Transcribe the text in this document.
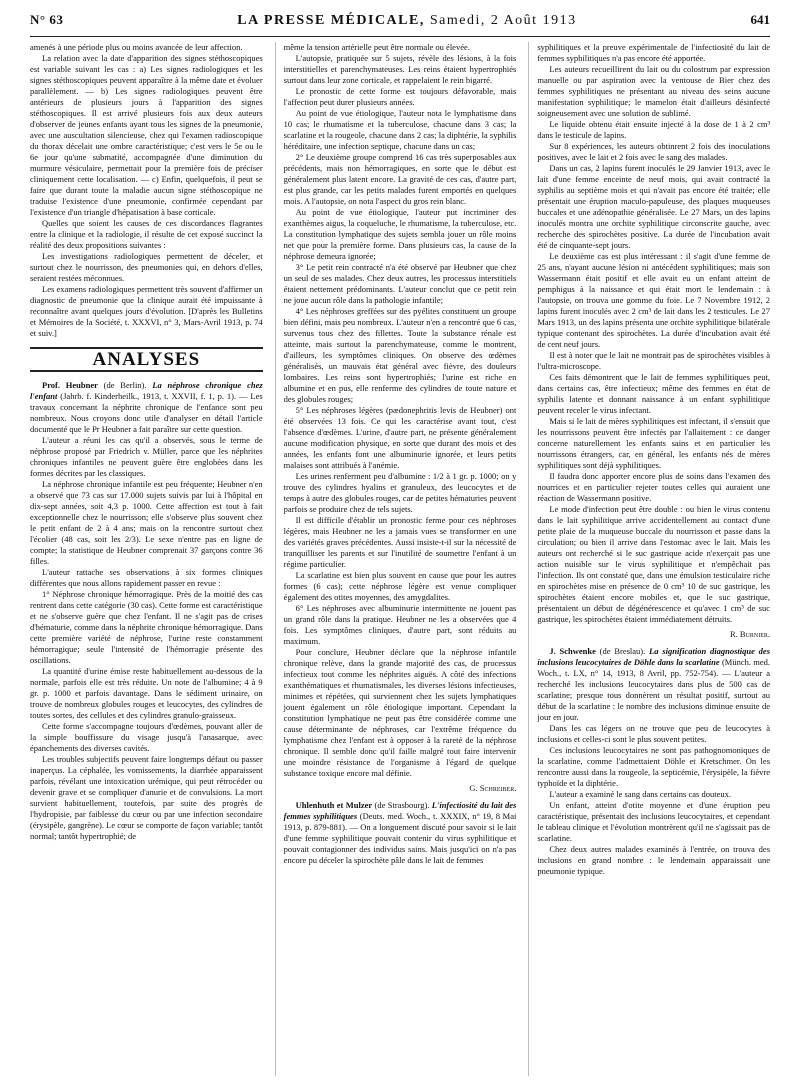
N° 63	LA PRESSE MÉDICALE, Samedi, 2 Août 1913	641

amenés à une période plus ou moins avancée de leur affection.

La relation avec la date d'apparition des signes stéthoscopiques est variable suivant les cas : a) Les signes radiologiques et les signes stéthoscopiques peuvent apparaître à la même date et évoluer parallèlement. — b) Les signes radiologiques peuvent être antérieurs de plusieurs jours à l'apparition des signes stéthoscopiques. Il est arrivé plusieurs fois aux deux auteurs d'observer de jeunes enfants ayant tous les signes de la pneumonie, avec une auscultation silencieuse, chez qui l'examen radioscopique du thorax décelait une ombre caractéristique; c'est vers le 5e ou le 6e jour qu'une submatité, accompagnée d'une diminution du murmure vésiculaire, permettait pour la première fois de préciser cliniquement cette localisation. — c) Enfin, quelquefois, il peut se faire que durant toute la maladie aucun signe stéthoscopique ne traduise l'existence d'une pneumonie, confirmée cependant par l'existence d'un triangle d'hépatisation à base corticale.

Quelles que soient les causes de ces discordances flagrantes entre la clinique et la radiologie, il résulte de cet exposé succinct la réalité des deux propositions suivantes :

Les investigations radiologiques permettent de déceler, et surtout chez le nourrisson, des pneumonies qui, en dehors d'elles, seraient restées méconnues.

Les examens radiologiques permettent très souvent d'affirmer un diagnostic de pneumonie que la clinique aurait été impuissante à reconnaître avant quelques jours d'évolution. [D'après les Bulletins et Mémoires de la Société, t. XXXVI, n° 3, Mars-Avril 1913, p. 74 et suiv.]

ANALYSES

Prof. Heubner (de Berlin). La néphrose chronique chez l'enfant (Jahrb. f. Kinderheilk., 1913, t. XXVII, f. 1, p. 1). — Les travaux concernant la néphrite chronique de l'enfance sont peu nombreux. Nous croyons donc utile d'analyser en détail l'article documenté que le Pr Heubner a fait paraître sur cette question.

L'auteur a réuni les cas qu'il a observés, sous le terme de néphrose proposé par Friedrich v. Müller, parce que les néphrites chroniques infantiles ne peuvent guère être englobées dans les formes décrites par les classiques.

La néphrose chronique infantile est peu fréquente; Heubner n'en a observé que 73 cas sur 17.000 sujets suivis par lui à l'hôpital en dix-sept années, soit 4,3 p. 1000. Cette affection est tout à fait exceptionnelle chez le nourrisson; elle s'observe plus souvent chez le petit enfant de 2 à 4 ans; mais on la rencontre surtout chez l'écolier (48 cas, soit les 2/3). Le sexe n'entre pas en ligne de compte; la statistique de Heubner comprenait 37 garçons contre 36 filles.

L'auteur rattache ses observations à six formes cliniques différentes que nous allons rapidement passer en revue :

1° Néphrose chronique hémorragique. Près de la moitié des cas rentrent dans cette catégorie (30 cas). Cette forme est caractéristique et ne s'observe guère que chez l'enfant. Il ne s'agit pas de crises d'hématurie, comme dans la néphrite chronique hémorragique. Dans cette première variété de néphrose, l'urine reste constamment hémorragique; seule l'intensité de l'hémorragie présente des oscillations.

La quantité d'urine émise reste habituellement au-dessous de la normale, parfois elle est très réduite. Un note de l'albumine; 4 à 9 gr. p. 1000 et parfois davantage. Dans le sédiment urinaire, on trouve de nombreux globules rouges et leucocytes, des cylindres de toutes sortes, des cellules et des cylindres granulo-graisseux.

Cette forme s'accompagne toujours d'œdèmes, pouvant aller de la simple bouffissure du visage jusqu'à l'anasarque, avec épanchements des diverses cavités.

Les troubles subjectifs peuvent faire longtemps défaut ou passer inaperçus. La céphalée, les vomissements, la diarrhée apparaissent parfois, révélant une intoxication urémique, qui peut rétrocéder ou devenir grave et se compliquer d'anurie et de convulsions. La mort survient habituellement, toutefois, par suite des progrès de l'hydropisie, par faiblesse du cœur ou par une infection secondaire (érysipèle, gangrène). Le cœur se comporte de façon variable; tantôt normal; tantôt hypertrophié; de

même la tension artérielle peut être normale ou élevée.

L'autopsie, pratiquée sur 5 sujets, révèle des lésions, à la fois interstitielles et parenchymateuses. Les reins étaient hypertrophiés surtout dans leur zone corticale, et rappelaient le rein bigarré.

Le pronostic de cette forme est toujours défavorable, mais l'affection peut durer plusieurs années.

Au point de vue étiologique, l'auteur nota le lymphatisme dans 10 cas; le rhumatisme et la tuberculose, chacune dans 3 cas; la scarlatine et la rougeole, chacune dans 2 cas; la diphtérie, la syphilis héréditaire, une infection septique, chacune dans un cas;

2° Le deuxième groupe comprend 16 cas très superposables aux précédents, mais non hémorragiques, en sorte que le début est généralement plus latent encore. La gravité de ces cas, d'autre part, est plus grande, car les petits malades furent emportés en quelques mois. A l'autopsie, on nota l'aspect du gros rein blanc.

Au point de vue étiologique, l'auteur put incriminer des exanthèmes aigus, la coqueluche, le rhumatisme, la tuberculose, etc. La constitution lymphatique des sujets sembla jouer un rôle moins net que pour la première forme. Dans plusieurs cas, la cause de la néphrose demeura ignorée;

3° Le petit rein contracté n'a été observé par Heubner que chez un seul de ses malades. Chez deux autres, les processus interstitiels étaient nettement prédominants. L'auteur conclut que ce petit rein ne joue aucun rôle dans la pathologie infantile;

4° Les néphroses greffées sur des pyélites constituent un groupe bien défini, mais peu nombreux. L'auteur n'en a rencontré que 6 cas, survenus tous chez des fillettes. Toute la substance rénale est atteinte, mais surtout la parenchymateuse, comme le montrent, d'ailleurs, les symptômes cliniques. On observe des œdèmes généralisés, un mauvais état général avec fièvre, des douleurs lombaires. Les reins sont hypertrophiés; l'urine est riche en albumine et en pus, elle renferme des cylindres de toute nature et des globules rouges;

5° Les néphroses légères (pædonephritis levis de Heubner) ont été observées 13 fois. Ce qui les caractérise avant tout, c'est l'absence d'œdèmes. L'urine, d'autre part, ne présente généralement aucune modification physique, en sorte que durant des mois et des années, les enfants font une albuminurie ignorée, et leurs petits malaises sont attribués à l'anémie.

Les urines renferment peu d'albumine : 1/2 à 1 gr. p. 1000; on y trouve des cylindres hyalins et granuleux, des leucocytes et de temps à autre des globules rouges, car de petites hématuries peuvent parfois se produire chez de tels sujets.

Il est difficile d'établir un pronostic ferme pour ces néphroses légères, mais Heubner ne les a jamais vues se transformer en une des variétés graves précédentes. Aussi insiste-t-il sur la nécessité de tranquilliser les parents et sur l'inutilité de soumettre l'enfant à un régime particulier.

La scarlatine est bien plus souvent en cause que pour les autres formes (6 cas); cette néphrose légère est venue compliquer également des otites moyennes, des amygdalites.

6° Les néphroses avec albuminurie intermittente ne jouent pas un grand rôle dans la pratique. Heubner ne les a observées que 4 fois. Les symptômes cliniques, d'autre part, sont réduits au maximum.

Pour conclure, Heubner déclare que la néphrose infantile chronique relève, dans la grande majorité des cas, de processus infectieux tout comme les néphrites aiguës. A côté des infections exanthématiques et rhumatismales, les diverses lésions infectieuses, minimes et répétées, qui surviennent chez les sujets lymphatiques jouent également un rôle étiologique important. Cependant la constitution lymphatique ne peut pas être considérée comme une cause déterminante de néphroses, car l'extrême fréquence du lymphatisme chez l'enfant est à opposer à la rareté de la néphrose chronique. Il semble donc qu'il faille malgré tout faire intervenir une moindre résistance de l'organisme à l'égard de quelque substance toxique encore mal définie.

G. Schreiber.

Uhlenhuth et Mulzer (de Strasbourg). L'infectiosité du lait des femmes syphilitiques (Deuts. med. Woch., t. XXXIX, n° 19, 8 Mai 1913, p. 879-881). — On a longuement discuté pour savoir si le lait d'une femme syphilitique pouvait contenir du virus syphilitique et pouvait contagionner des individus sains. Mais jusqu'ici on n'a pas encore pu déceler la spirochète pâle dans le lait de femmes

syphilitiques et la preuve expérimentale de l'infectiosité du lait de femmes syphilitiques n'a pas encore été apportée.

Les auteurs recueillirent du lait ou du colostrum par expression manuelle ou par aspiration avec la ventouse de Bier chez des femmes syphilitiques ne présentant au niveau des seins aucune manifestation syphilitique; le mamelon était d'ailleurs désinfecté soigneusement avec une solution de sublimé.

Le liquide obtenu était ensuite injecté à la dose de 1 à 2 cm³ dans le testicule de lapins.

Sur 8 expériences, les auteurs obtinrent 2 fois des inoculations positives, avec le lait et 2 fois avec le sang des malades.

Dans un cas, 2 lapins furent inoculés le 29 Janvier 1913, avec le lait d'une femme enceinte de neuf mois, qui avait contracté la syphilis au septième mois et qui n'avait pas encore été traitée; elle présentait une éruption maculo-papuleuse, des plaques muqueuses buccales et une adénopathie généralisée. Le 27 Mars, un des lapins inoculés montra une orchite syphilitique circonscrite gauche, avec recherche des spirochètes positive. La durée de l'incubation avait été de cinquante-sept jours.

Le deuxième cas est plus intéressant : il s'agit d'une femme de 25 ans, n'ayant aucune lésion ni antécédent syphilitiques; mais son Wassermann était positif et elle avait eu un enfant atteint de pemphigus à la naissance et qui était mort le lendemain : à l'autopsie, on trouva une gomme du foie. Le 7 Novembre 1912, 2 lapins furent inoculés avec 2 cm³ de lait dans les 2 testicules. Le 27 Mars 1913, un des lapins présenta une orchite syphilitique bilatérale typique contenant des spirochètes. La durée d'incubation avait été de cent neuf jours.

Il est à noter que le lait ne montrait pas de spirochètes visibles à l'ultra-microscope.

Ces faits démontrent que le lait de femmes syphilitiques peut, dans certains cas, être infectieux; même des femmes en état de syphilis latente et donnant naissance à un enfant syphilitique peuvent receler le virus infectant.

Mais si le lait de mères syphilitiques est infectant, il s'ensuit que les nourrissons peuvent être infectés par l'allaitement : ce danger concerne naturellement les enfants sains et en particulier les nourrissons étrangers, car, en général, les enfants nés de mères syphilitiques sont déjà syphilitiques.

Il faudra donc apporter encore plus de soins dans l'examen des nourrices et en particulier rejeter toutes celles qui auraient une réaction de Wassermann positive.

Le mode d'infection peut être double : ou bien le virus contenu dans le lait syphilitique arrive accidentellement au contact d'une petite plaie de la muqueuse buccale du nourrisson et passe dans la circulation; ou bien il arrive dans l'estomac avec le lait. Mais les auteurs ont recherché si le suc gastrique acide n'exerçait pas une action nuisible sur le virus syphilitique et n'empêchait pas l'infection. Ils ont constaté que, dans une émulsion testiculaire riche en spirochètes mise en présence de 0 cm³ 10 de suc gastrique, les spirochètes étaient encore mobiles et, que le suc gastrique, présentaient un début de dégénérescence et qu'avec 1 cm³ de suc gastrique, les spirochètes étaient immédiatement détruits.

R. Burnier.

J. Schwenke (de Breslau). La signification diagnostique des inclusions leucocytaires de Döhle dans la scarlatine (Münch. med. Woch., t. LX, n° 14, 1913, 8 Avril, pp. 752-754). — L'auteur a recherché les inclusions leucocytaires dans plus de 500 cas de scarlatine; presque tous donnèrent un résultat positif, surtout au début de la scarlatine : le nombre des inclusions diminue ensuite de jour en jour.

Dans les cas légers on ne trouve que peu de leucocytes à inclusions et celles-ci sont le plus souvent petites.

Ces inclusions leucocytaires ne sont pas pathognomoniques de la scarlatine, comme l'admettaient Döhle et Kretschmer. On les rencontre aussi dans la rougeole, la septicémie, l'érysipèle, la fièvre typhoïde et la diphtérie.

L'auteur a examiné le sang dans certains cas douteux.

Un enfant, atteint d'otite moyenne et d'une éruption peu caractéristique, présentait des inclusions leucocytaires, et cependant le tableau clinique et l'évolution montrèrent qu'il ne s'agissait pas de scarlatine.

Chez deux autres malades examinés à l'entrée, on trouva des inclusions en grand nombre : le lendemain apparaissait une pneumonie typique.
